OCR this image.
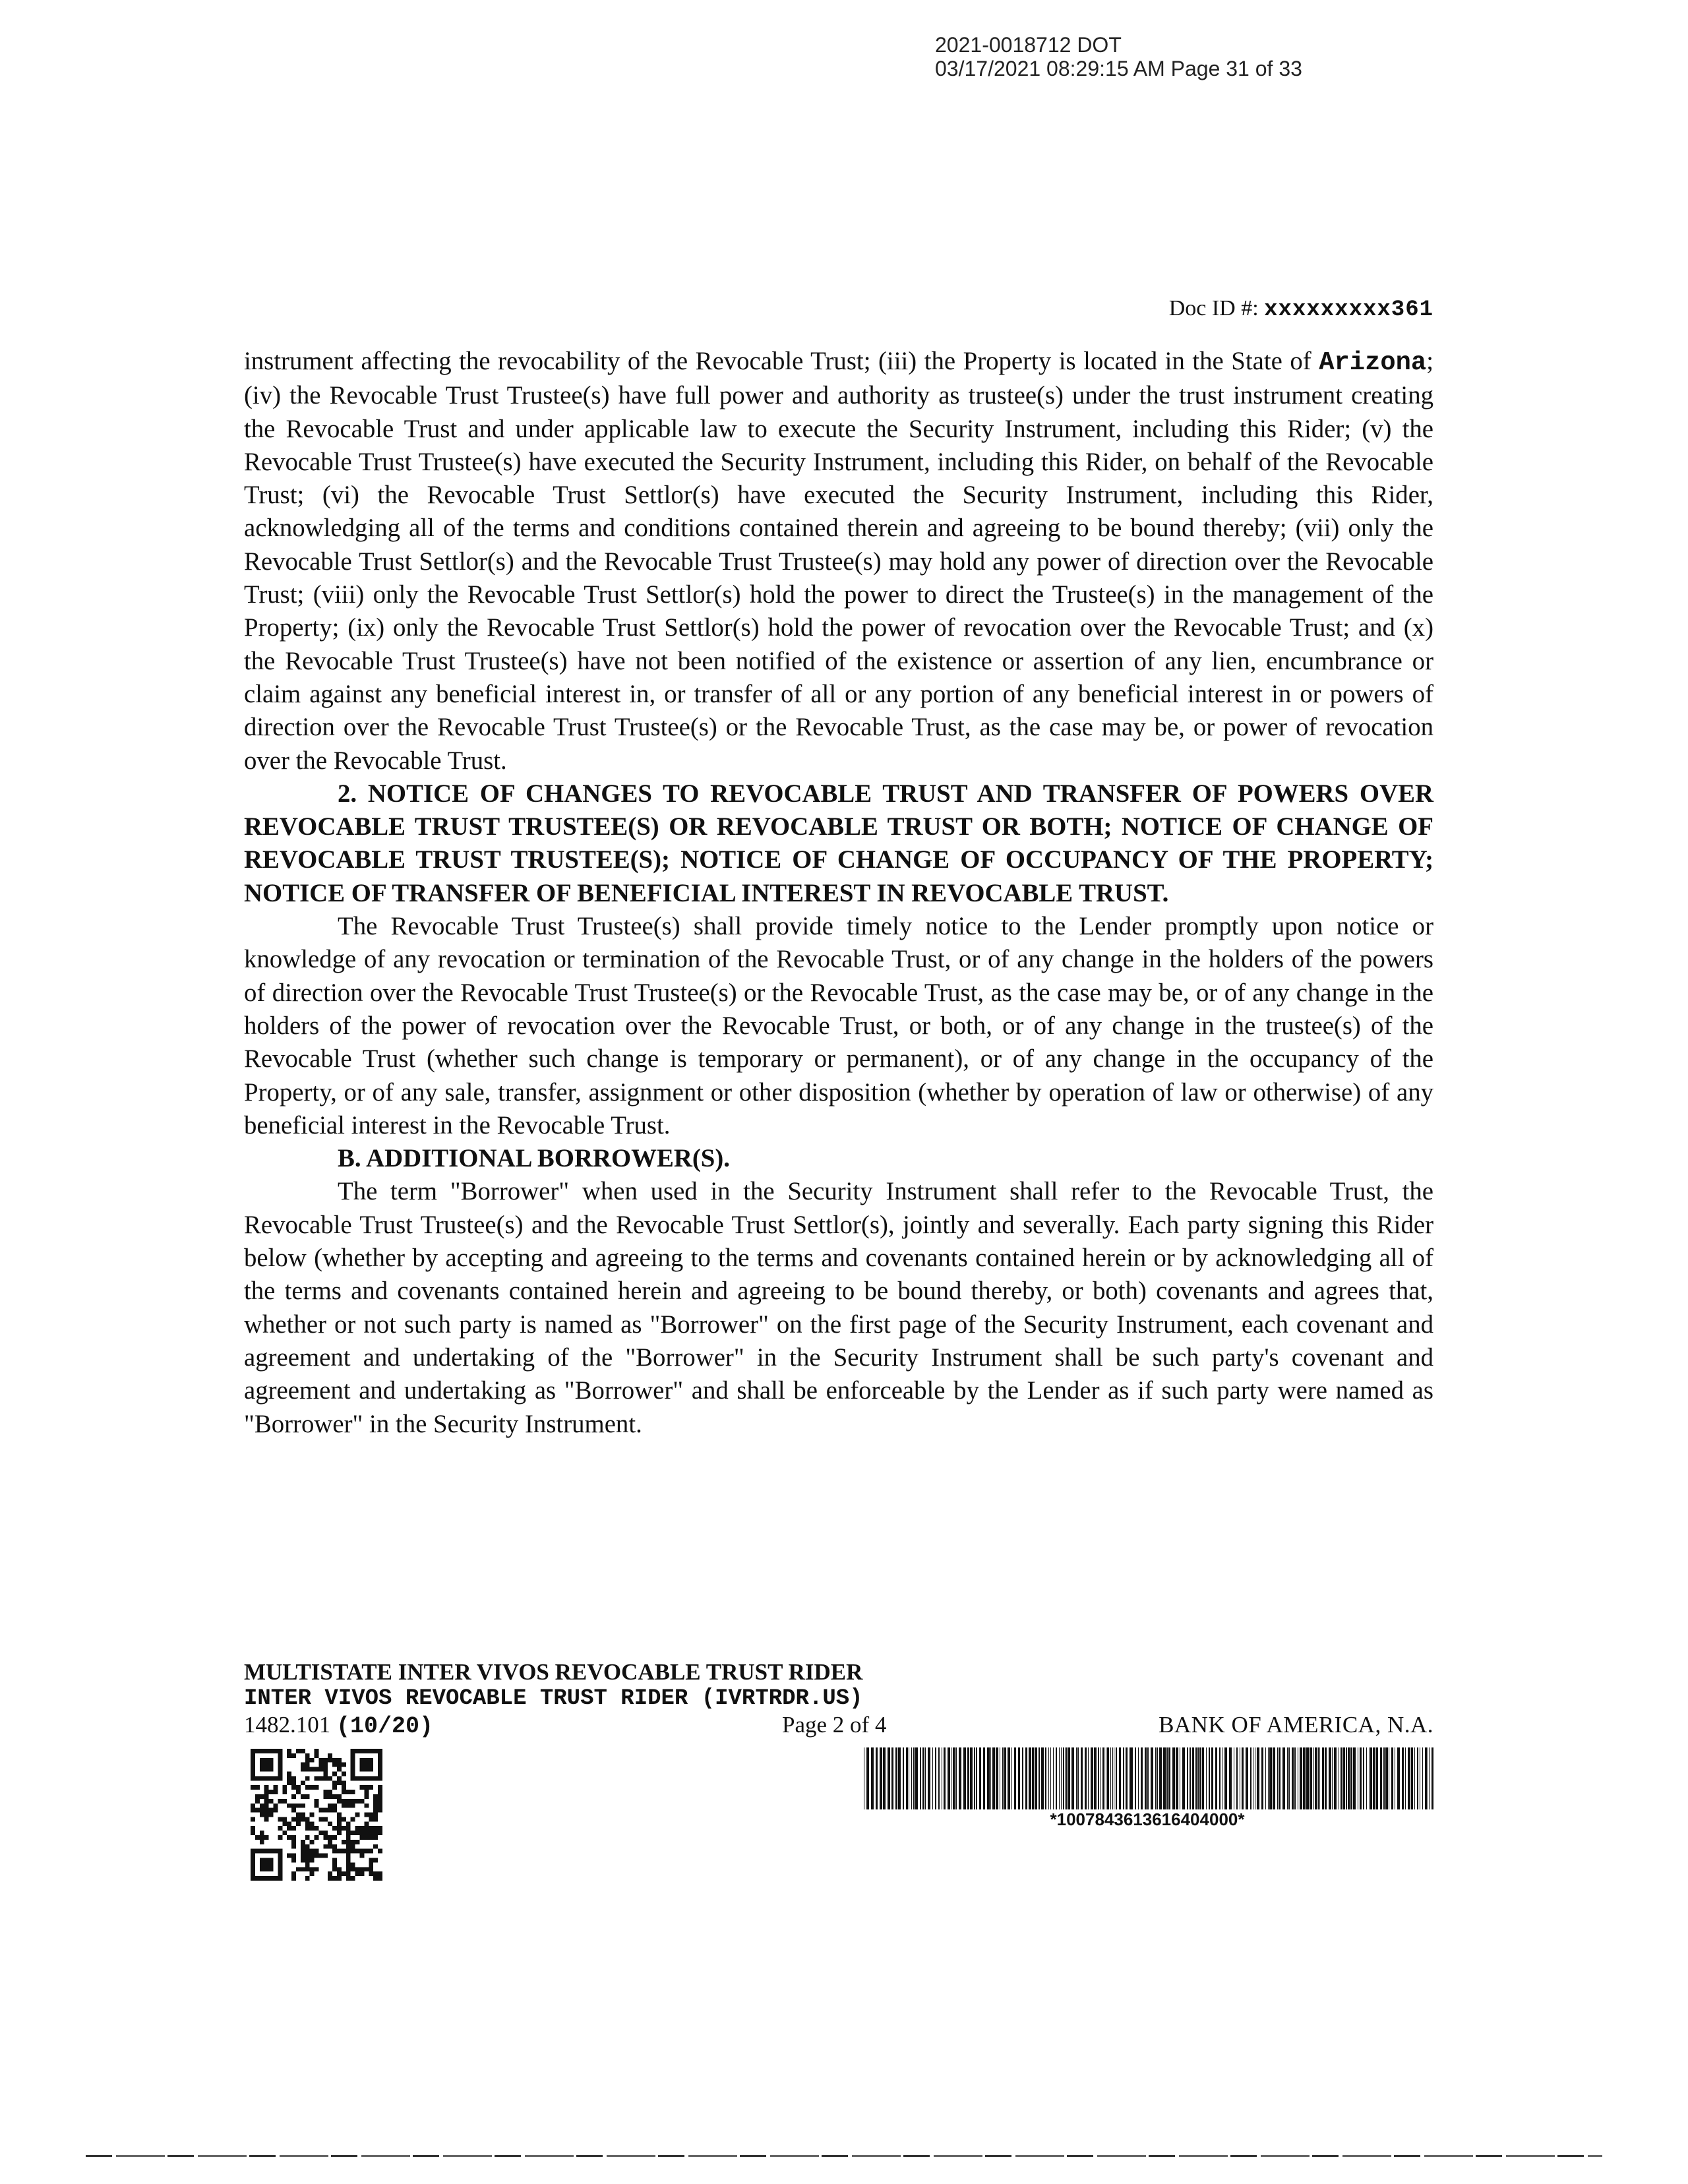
2021-0018712 DOT
03/17/2021 08:29:15 AM Page 31 of 33
Doc ID #: xxxxxxxxx361

instrument affecting the revocability of the Revocable Trust; (iii) the Property is located in the State of Arizona; (iv) the Revocable Trust Trustee(s) have full power and authority as trustee(s) under the trust instrument creating the Revocable Trust and under applicable law to execute the Security Instrument, including this Rider; (v) the Revocable Trust Trustee(s) have executed the Security Instrument, including this Rider, on behalf of the Revocable Trust; (vi) the Revocable Trust Settlor(s) have executed the Security Instrument, including this Rider, acknowledging all of the terms and conditions contained therein and agreeing to be bound thereby; (vii) only the Revocable Trust Settlor(s) and the Revocable Trust Trustee(s) may hold any power of direction over the Revocable Trust; (viii) only the Revocable Trust Settlor(s) hold the power to direct the Trustee(s) in the management of the Property; (ix) only the Revocable Trust Settlor(s) hold the power of revocation over the Revocable Trust; and (x) the Revocable Trust Trustee(s) have not been notified of the existence or assertion of any lien, encumbrance or claim against any beneficial interest in, or transfer of all or any portion of any beneficial interest in or powers of direction over the Revocable Trust Trustee(s) or the Revocable Trust, as the case may be, or power of revocation over the Revocable Trust.

2. NOTICE OF CHANGES TO REVOCABLE TRUST AND TRANSFER OF POWERS OVER REVOCABLE TRUST TRUSTEE(S) OR REVOCABLE TRUST OR BOTH; NOTICE OF CHANGE OF REVOCABLE TRUST TRUSTEE(S); NOTICE OF CHANGE OF OCCUPANCY OF THE PROPERTY; NOTICE OF TRANSFER OF BENEFICIAL INTEREST IN REVOCABLE TRUST.

The Revocable Trust Trustee(s) shall provide timely notice to the Lender promptly upon notice or knowledge of any revocation or termination of the Revocable Trust, or of any change in the holders of the powers of direction over the Revocable Trust Trustee(s) or the Revocable Trust, as the case may be, or of any change in the holders of the power of revocation over the Revocable Trust, or both, or of any change in the trustee(s) of the Revocable Trust (whether such change is temporary or permanent), or of any change in the occupancy of the Property, or of any sale, transfer, assignment or other disposition (whether by operation of law or otherwise) of any beneficial interest in the Revocable Trust.

B. ADDITIONAL BORROWER(S).

The term "Borrower" when used in the Security Instrument shall refer to the Revocable Trust, the Revocable Trust Trustee(s) and the Revocable Trust Settlor(s), jointly and severally. Each party signing this Rider below (whether by accepting and agreeing to the terms and covenants contained herein or by acknowledging all of the terms and covenants contained herein and agreeing to be bound thereby, or both) covenants and agrees that, whether or not such party is named as "Borrower" on the first page of the Security Instrument, each covenant and agreement and undertaking of the "Borrower" in the Security Instrument shall be such party's covenant and agreement and undertaking as "Borrower" and shall be enforceable by the Lender as if such party were named as "Borrower" in the Security Instrument.

MULTISTATE INTER VIVOS REVOCABLE TRUST RIDER
INTER VIVOS REVOCABLE TRUST RIDER (IVRTRDR.US)
1482.101 (10/20)	Page 2 of 4	BANK OF AMERICA, N.A.
*1007843613616404000*
